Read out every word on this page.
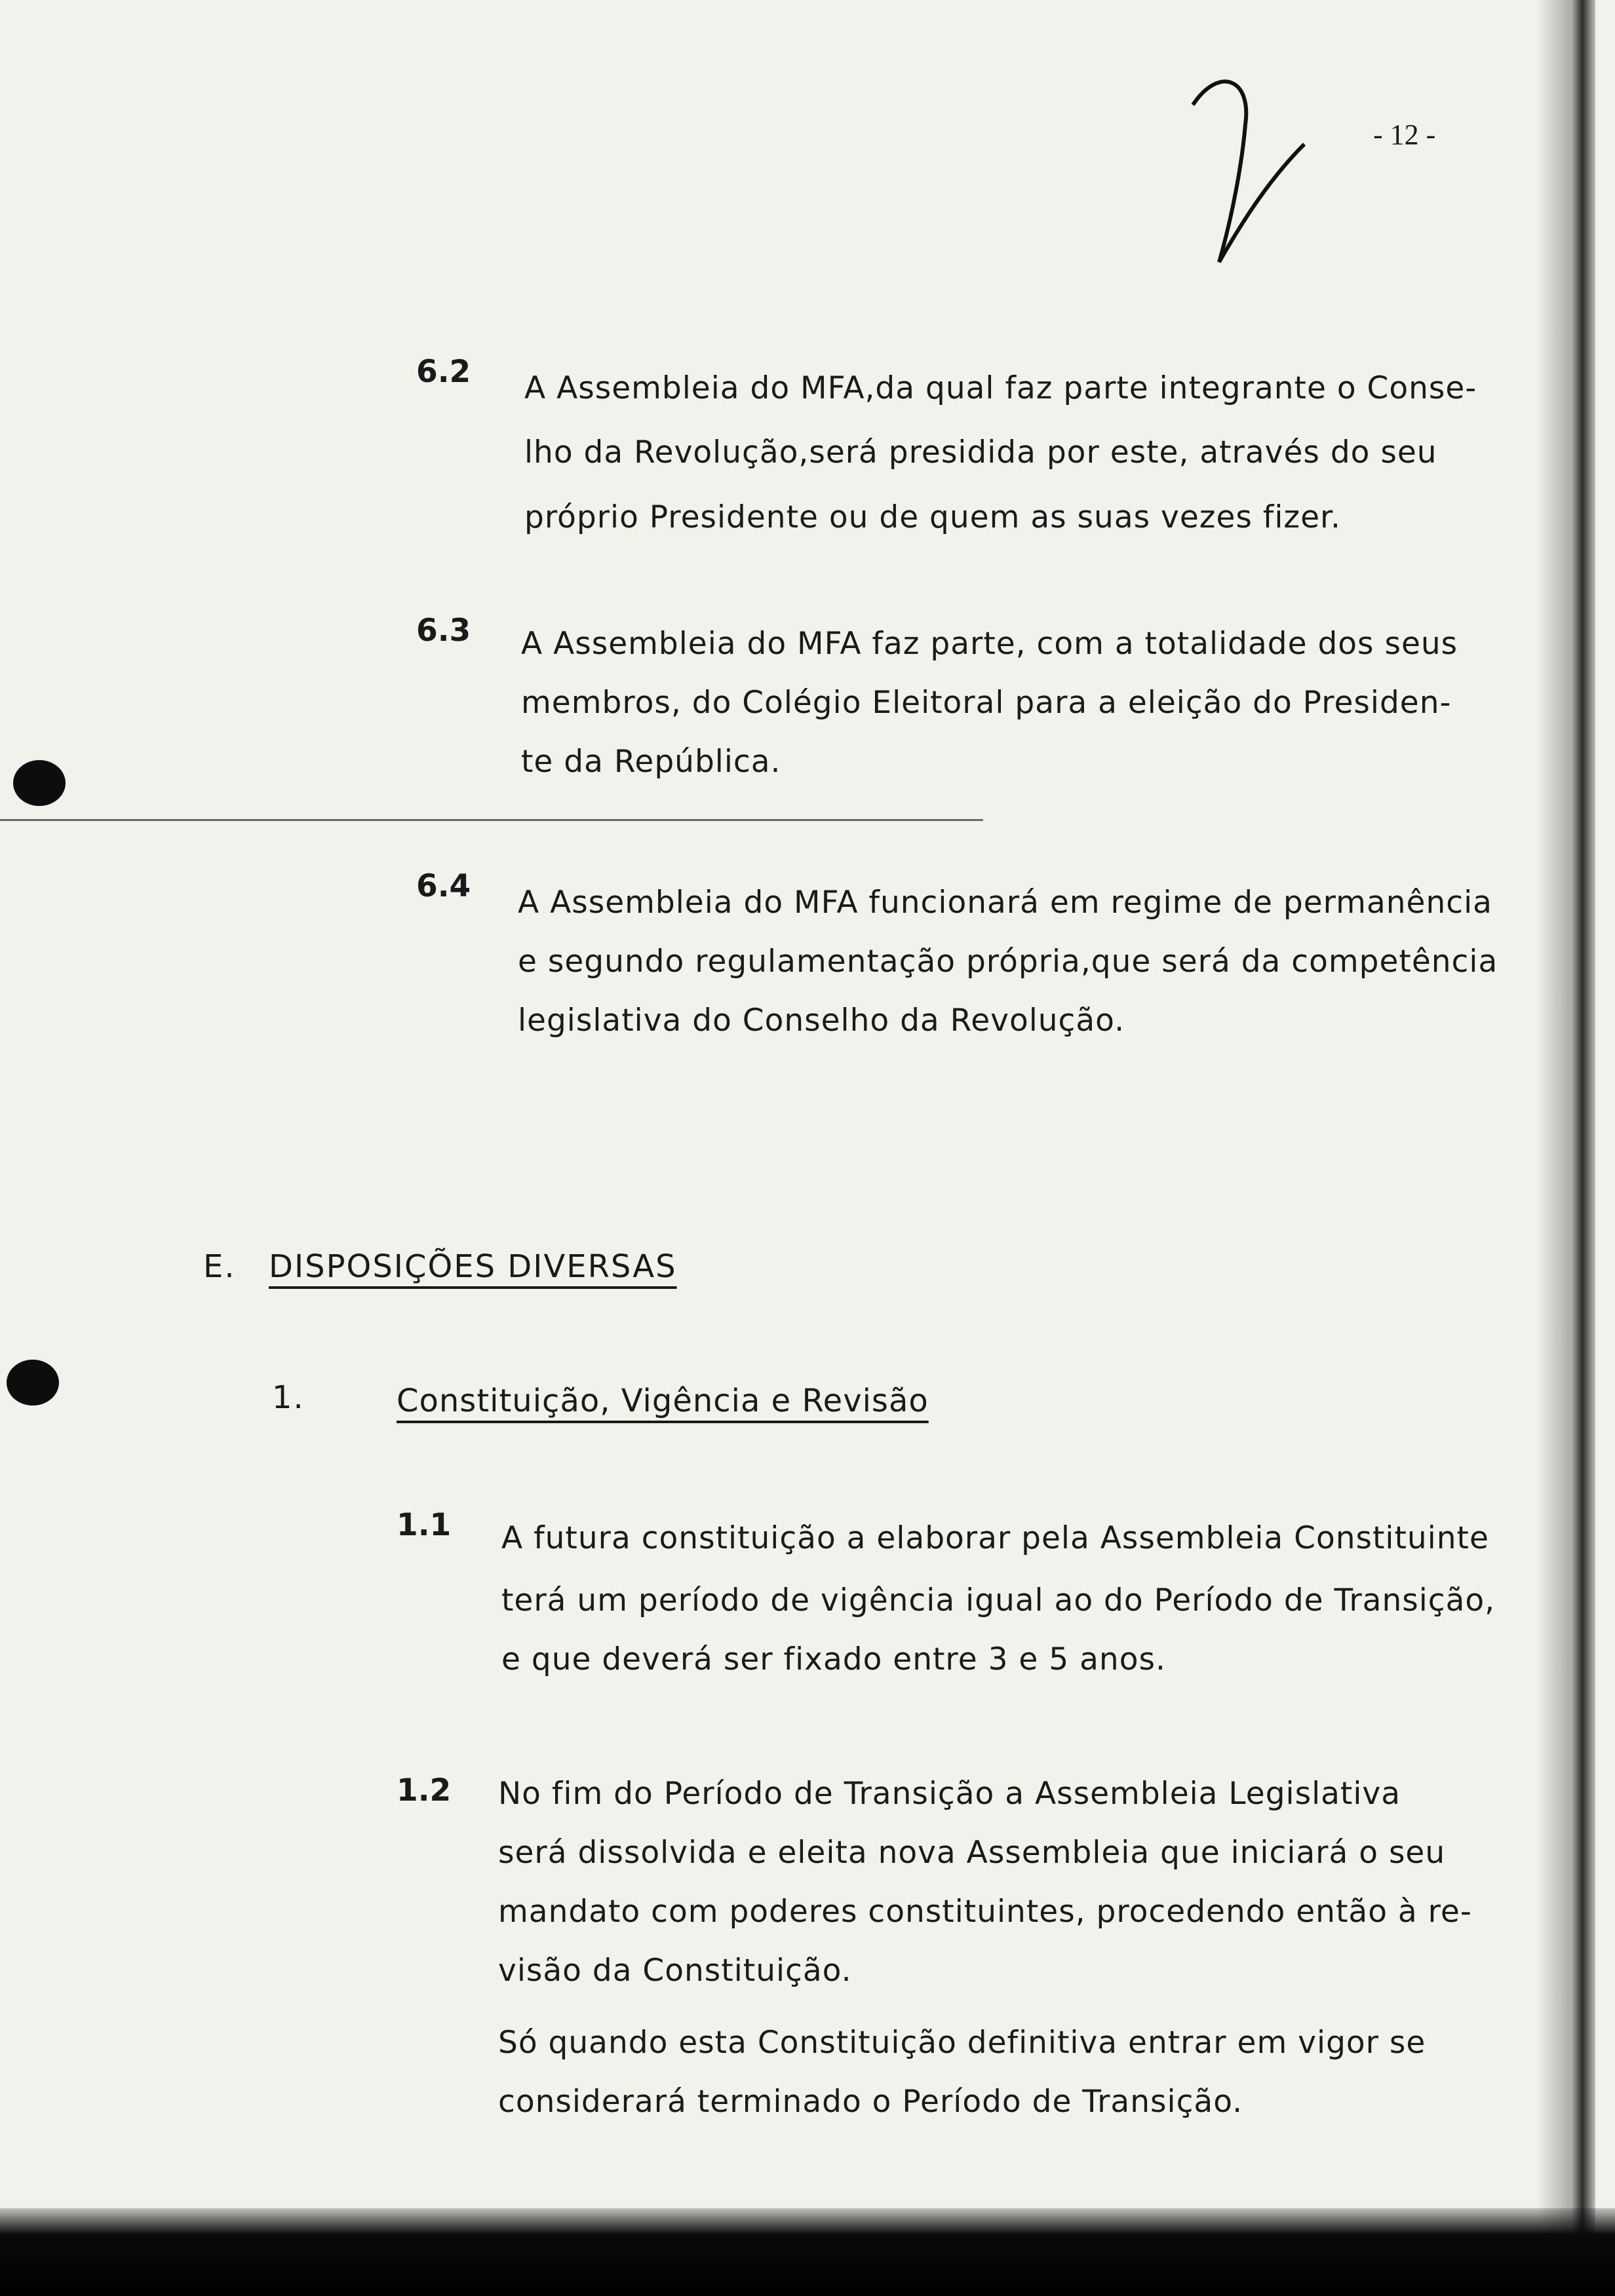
- 12 -
6.2 A Assembleia do MFA,da qual faz parte integrante o Conse-
lho da Revolução,será presidida por este, através do seu
próprio Presidente ou de quem as suas vezes fizer.
6.3 A Assembleia do MFA faz parte, com a totalidade dos seus
membros, do Colégio Eleitoral para a eleição do Presiden-
te da República.
6.4 A Assembleia do MFA funcionará em regime de permanência
e segundo regulamentação própria,que será da competência
legislativa do Conselho da Revolução.
E. DISPOSIÇÕES DIVERSAS
1.	Constituição, Vigência e Revisão
1.1 A futura constituição a elaborar pela Assembleia Constituinte
terá um período de vigência igual ao do Período de Transição,
e que deverá ser fixado entre 3 e 5 anos.
1.2 No fim do Período de Transição a Assembleia Legislativa
será dissolvida e eleita nova Assembleia que iniciará o seu
mandato com poderes constituintes, procedendo então à re-
visão da Constituição.
Só quando esta Constituição definitiva entrar em vigor se
considerará terminado o Período de Transição.
